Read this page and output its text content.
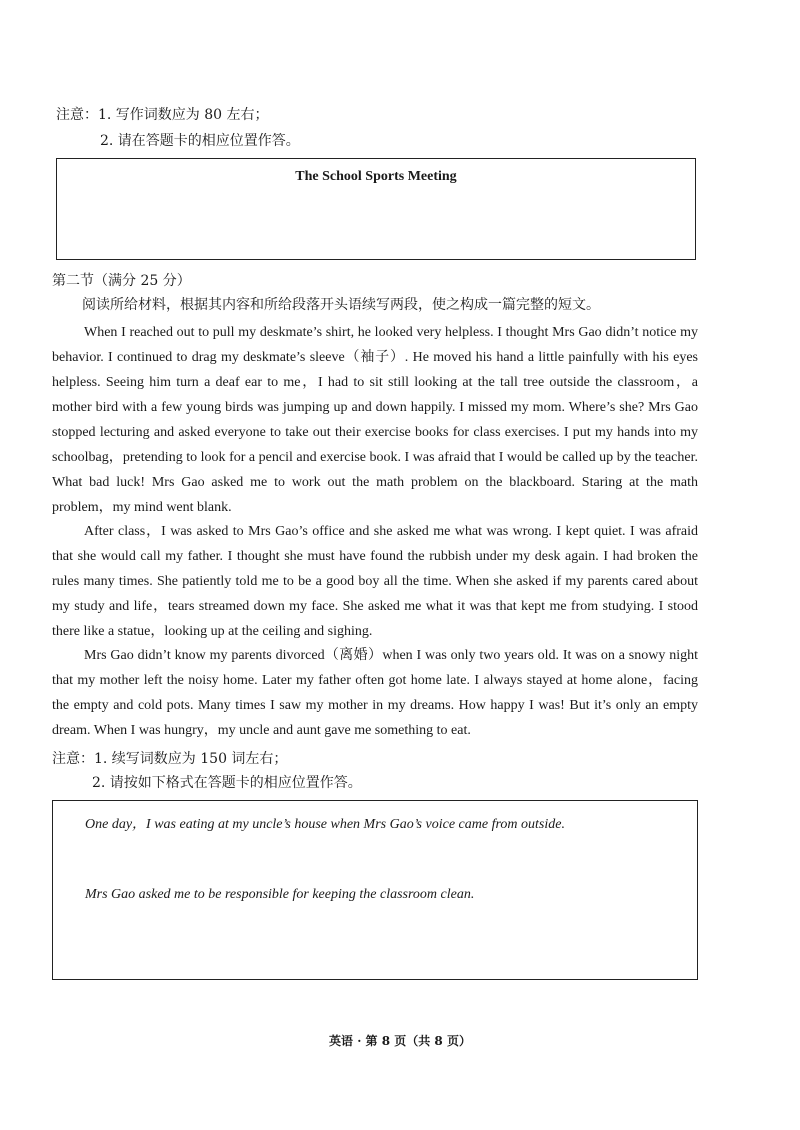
注意：1. 写作词数应为 80 左右；
2. 请在答题卡的相应位置作答。
The School Sports Meeting
第二节（满分 25 分）
阅读所给材料，根据其内容和所给段落开头语续写两段，使之构成一篇完整的短文。
When I reached out to pull my deskmate’s shirt, he looked very helpless. I thought Mrs Gao didn’t notice my behavior. I continued to drag my deskmate’s sleeve（袖子）. He moved his hand a little painfully with his eyes helpless. Seeing him turn a deaf ear to me，I had to sit still looking at the tall tree outside the classroom，a mother bird with a few young birds was jumping up and down happily. I missed my mom. Where’s she? Mrs Gao stopped lecturing and asked everyone to take out their exercise books for class exercises. I put my hands into my schoolbag，pretending to look for a pencil and exercise book. I was afraid that I would be called up by the teacher. What bad luck! Mrs Gao asked me to work out the math problem on the blackboard. Staring at the math problem，my mind went blank.
After class，I was asked to Mrs Gao’s office and she asked me what was wrong. I kept quiet. I was afraid that she would call my father. I thought she must have found the rubbish under my desk again. I had broken the rules many times. She patiently told me to be a good boy all the time. When she asked if my parents cared about my study and life，tears streamed down my face. She asked me what it was that kept me from studying. I stood there like a statue，looking up at the ceiling and sighing.
Mrs Gao didn’t know my parents divorced（离婚）when I was only two years old. It was on a snowy night that my mother left the noisy home. Later my father often got home late. I always stayed at home alone，facing the empty and cold pots. Many times I saw my mother in my dreams. How happy I was! But it’s only an empty dream. When I was hungry，my uncle and aunt gave me something to eat.
注意：1. 续写词数应为 150 词左右；
2. 请按如下格式在答题卡的相应位置作答。
One day，I was eating at my uncle’s house when Mrs Gao’s voice came from outside.
Mrs Gao asked me to be responsible for keeping the classroom clean.
英语 · 第 8 页（共 8 页）
